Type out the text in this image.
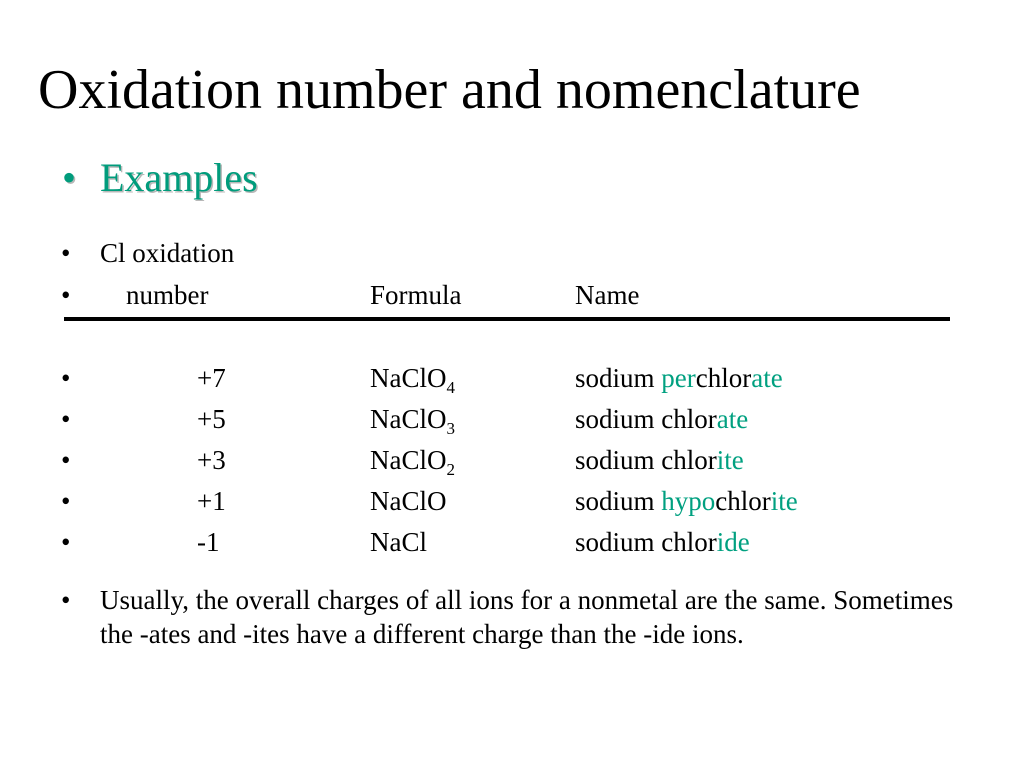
Oxidation number and nomenclature
• Examples
• Cl oxidation
• number	Formula	Name
•	+7	NaClO$_4$	sodium perchlorate
•	+5	NaClO$_3$	sodium chlorate
•	+3	NaClO$_2$	sodium chlorite
•	+1	NaClO	sodium hypochlorite
•	-1	NaCl	sodium chloride
• Usually, the overall charges of all ions for a nonmetal are the same. Sometimes the -ates and -ites have a different charge than the -ide ions.
